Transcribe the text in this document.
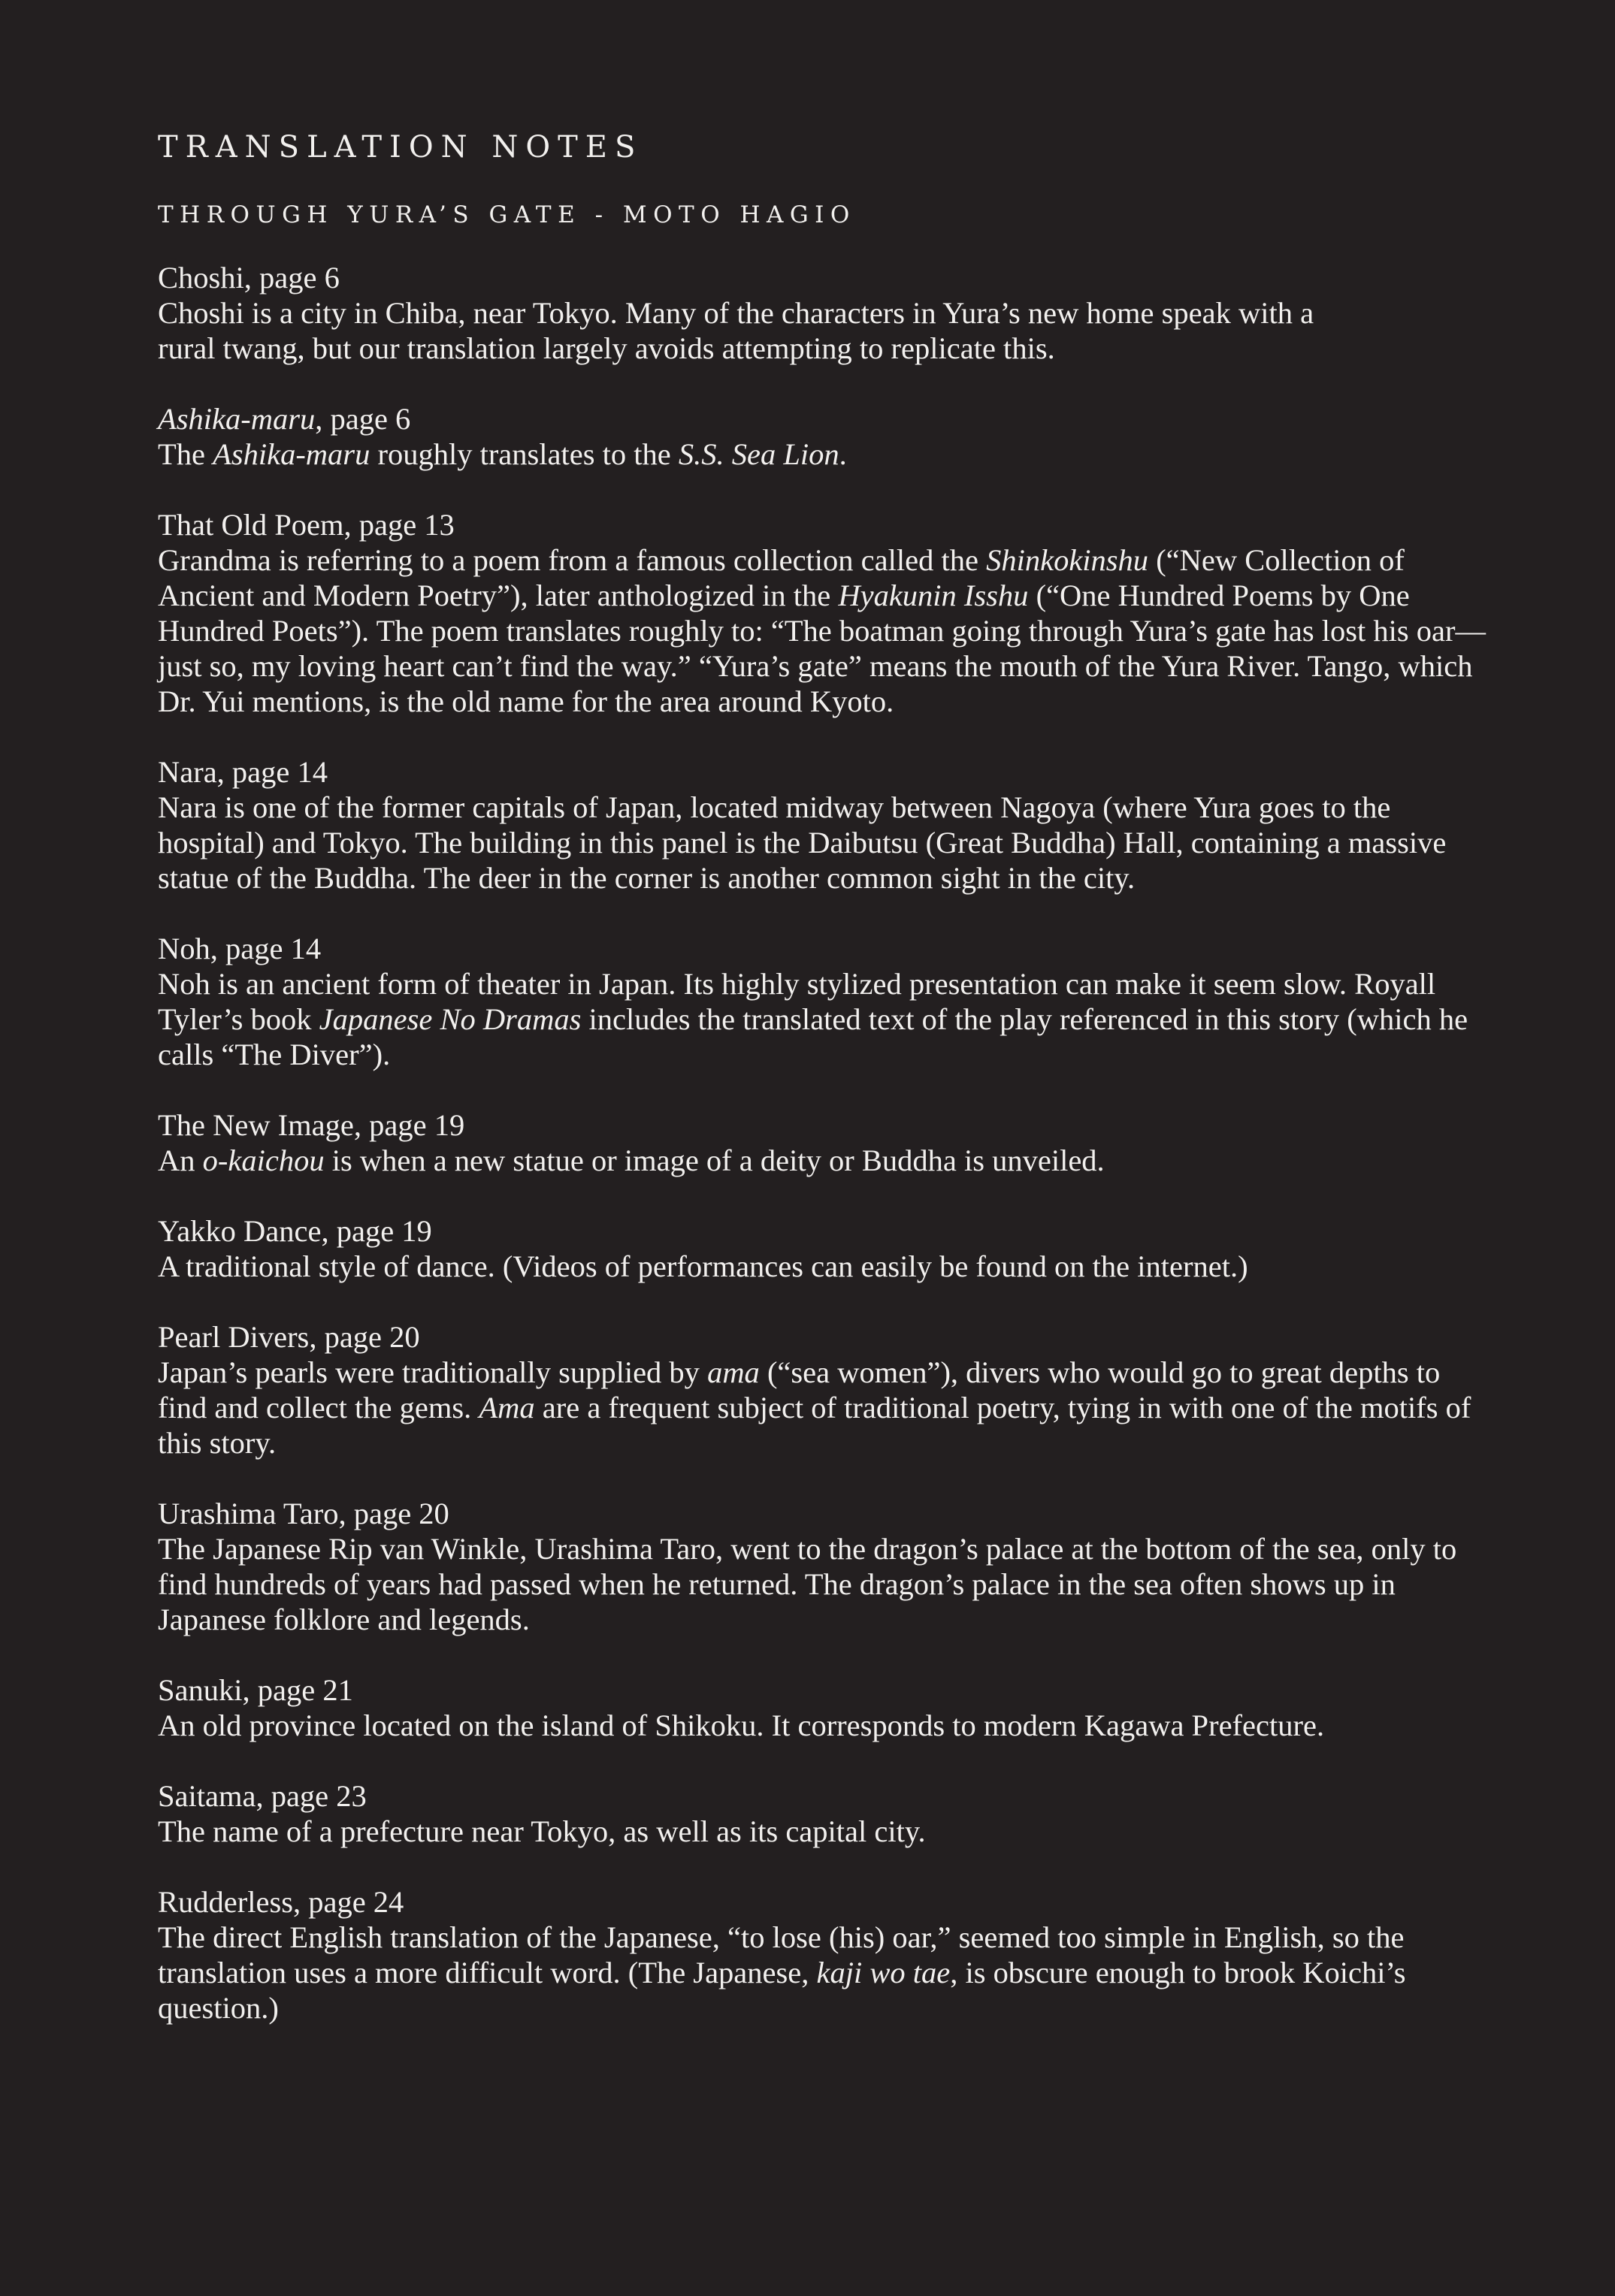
TRANSLATION NOTES
THROUGH YURA’S GATE - MOTO HAGIO

Choshi, page 6

Choshi is a city in Chiba, near Tokyo. Many of the characters in Yura’s new home speak with a
rural twang, but our translation largely avoids attempting to replicate this.

Ashika-maru, page 6

The Ashika-maru roughly translates to the S.S. Sea Lion.

That Old Poem, page 13

Grandma is referring to a poem from a famous collection called the Shinkokinshu (“New Collection of Ancient and Modern Poetry”), later anthologized in the Hyakunin Isshu (“One Hundred Poems by One Hundred Poets”). The poem translates roughly to: “The boatman going through Yura’s gate has lost his oar—just so, my loving heart can’t find the way.” “Yura’s gate” means the mouth of the Yura River. Tango, which Dr. Yui mentions, is the old name for the area around Kyoto.

Nara, page 14

Nara is one of the former capitals of Japan, located midway between Nagoya (where Yura goes to the hospital) and Tokyo. The building in this panel is the Daibutsu (Great Buddha) Hall, containing a massive statue of the Buddha. The deer in the corner is another common sight in the city.

Noh, page 14

Noh is an ancient form of theater in Japan. Its highly stylized presentation can make it seem slow. Royall Tyler’s book Japanese No Dramas includes the translated text of the play referenced in this story (which he calls “The Diver”).

The New Image, page 19

An o-kaichou is when a new statue or image of a deity or Buddha is unveiled.

Yakko Dance, page 19

A traditional style of dance. (Videos of performances can easily be found on the internet.)

Pearl Divers, page 20

Japan’s pearls were traditionally supplied by ama (“sea women”), divers who would go to great depths to find and collect the gems. Ama are a frequent subject of traditional poetry, tying in with one of the motifs of this story.

Urashima Taro, page 20

The Japanese Rip van Winkle, Urashima Taro, went to the dragon’s palace at the bottom of the sea, only to find hundreds of years had passed when he returned. The dragon’s palace in the sea often shows up in Japanese folklore and legends.

Sanuki, page 21

An old province located on the island of Shikoku. It corresponds to modern Kagawa Prefecture.

Saitama, page 23

The name of a prefecture near Tokyo, as well as its capital city.

Rudderless, page 24

The direct English translation of the Japanese, “to lose (his) oar,” seemed too simple in English, so the translation uses a more difficult word. (The Japanese, kaji wo tae, is obscure enough to brook Koichi’s question.)
